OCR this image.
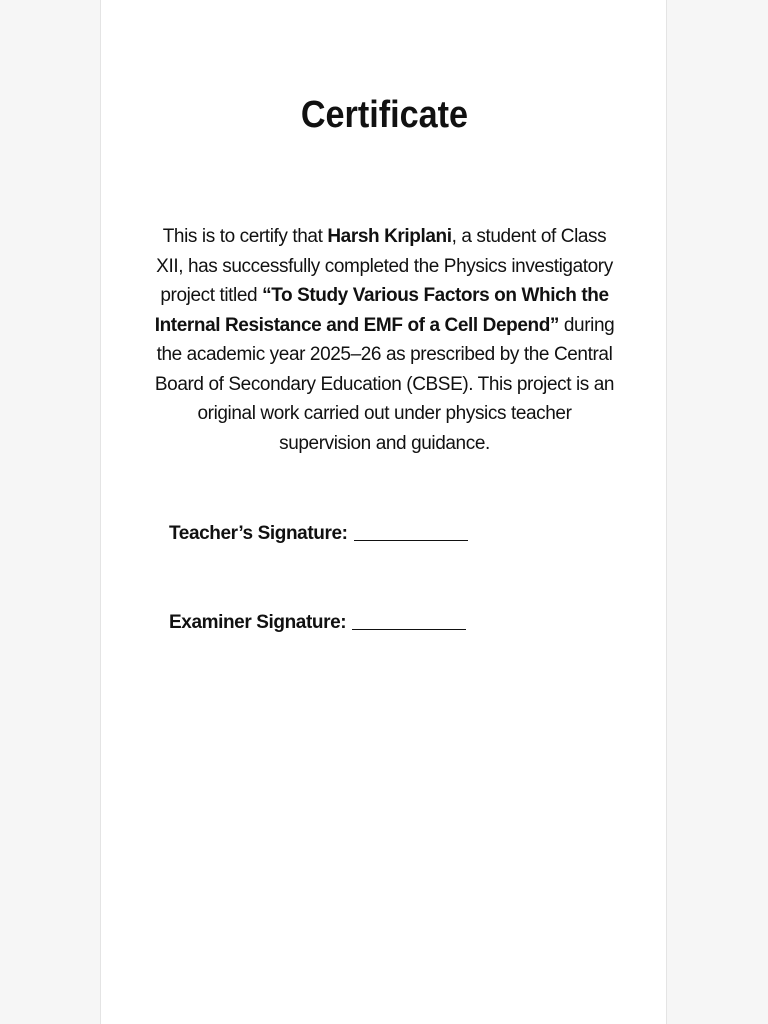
Certificate

This is to certify that Harsh Kriplani, a student of Class XII, has successfully completed the Physics investigatory project titled “To Study Various Factors on Which the Internal Resistance and EMF of a Cell Depend” during the academic year 2025–26 as prescribed by the Central Board of Secondary Education (CBSE). This project is an original work carried out under physics teacher supervision and guidance.

Teacher’s Signature:

Examiner Signature:
